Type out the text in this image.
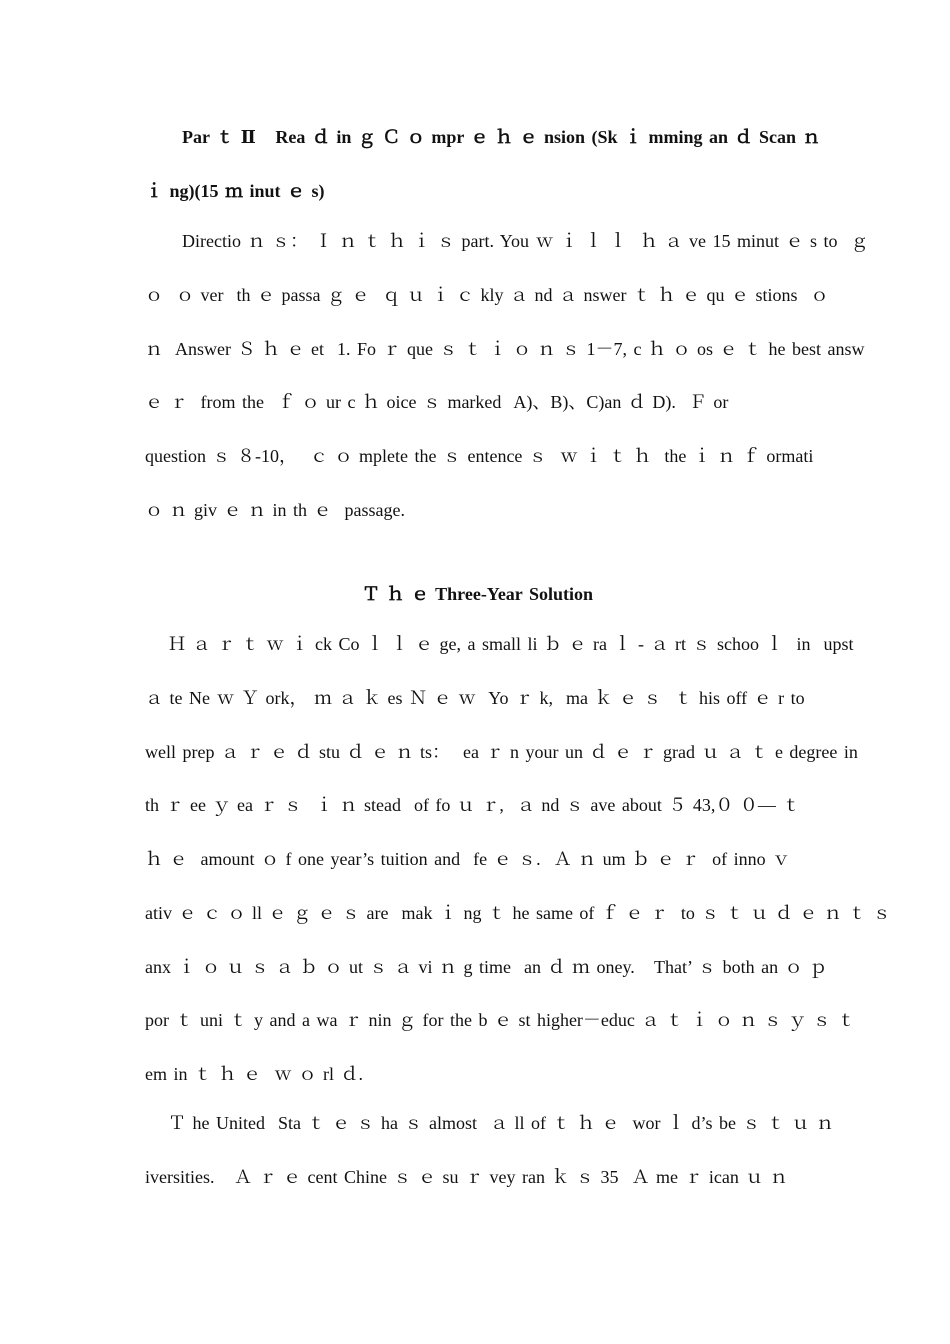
Par ｔ Ⅱ   Rea ｄ in ｇ Ｃ ｏ mpr ｅ ｈ ｅ nsion (Sk ｉ mming an ｄ Scan ｎ
ｉ ng)(15 ｍ inut ｅ s)
Directio ｎ ｓ： Ｉ ｎ ｔ ｈ ｉ ｓ part. You ｗ ｉ ｌ ｌ  ｈ ａ ve 15 minut ｅ s to  ｇ
ｏ  ｏ ver  th ｅ passa ｇ ｅ  ｑ ｕ ｉ ｃ kly ａ nd ａ nswer ｔ ｈ ｅ qu ｅ stions  ｏ
ｎ  Answer Ｓ ｈ ｅ et  1. Fo ｒ que ｓ ｔ ｉ ｏ ｎ ｓ 1－7, c ｈ ｏ os ｅ ｔ he best answ
ｅ ｒ  from the  ｆ ｏ ur c ｈ oice ｓ marked  A)、B)、C)an ｄ D).  Ｆ or
question ｓ ８-10，  ｃ ｏ mplete the ｓ entence ｓ  ｗ ｉ ｔ ｈ  the ｉ ｎ ｆ ormati
ｏ ｎ giv ｅ ｎ in th ｅ  passage.
Ｔ ｈ ｅ Three-Year Solution
Ｈ ａ ｒ ｔ ｗ ｉ ck Co ｌ ｌ ｅ ge, a small li ｂ ｅ ra ｌ - ａ rt ｓ schoo ｌ  in  upst
ａ te Ne ｗ Ｙ ork， ｍ ａ ｋ es Ｎ ｅ ｗ  Yo ｒ k,  ma ｋ ｅ ｓ  ｔ his off ｅ r to
well prep ａ ｒ ｅ ｄ stu ｄ ｅ ｎ ts：  ea ｒ n your un ｄ ｅ ｒ grad ｕ ａ ｔ e degree in
th ｒ ee ｙ ea ｒ ｓ  ｉ ｎ stead  of fo ｕ ｒ,  ａ nd ｓ ave about ５ 43,０ ０— ｔ
ｈ ｅ  amount ｏ f one year’s tuition and  fe ｅ ｓ.  Ａ ｎ um ｂ ｅ ｒ  of inno ｖ
ativ ｅ ｃ ｏ ll ｅ ｇ ｅ ｓ are  mak ｉ ng ｔ he same of ｆ ｅ ｒ  to ｓ ｔ ｕ ｄ ｅ ｎ ｔ ｓ
anx ｉ ｏ ｕ ｓ ａ ｂ ｏ ut ｓ ａ vi ｎ g time  an ｄ ｍ oney.   That’ ｓ both an ｏ ｐ
por ｔ uni ｔ y and a wa ｒ nin ｇ for the b ｅ st higher－educ ａ ｔ ｉ ｏ ｎ ｓ ｙ ｓ ｔ
em in ｔ ｈ ｅ  ｗ ｏ rl ｄ.
Ｔ he United  Sta ｔ ｅ ｓ ha ｓ almost  ａ ll of ｔ ｈ ｅ  wor ｌ d’s be ｓ ｔ ｕ ｎ
iversities.   Ａ ｒ ｅ cent Chine ｓ ｅ su ｒ vey ran ｋ ｓ 35  Ａ me ｒ ican ｕ ｎ
